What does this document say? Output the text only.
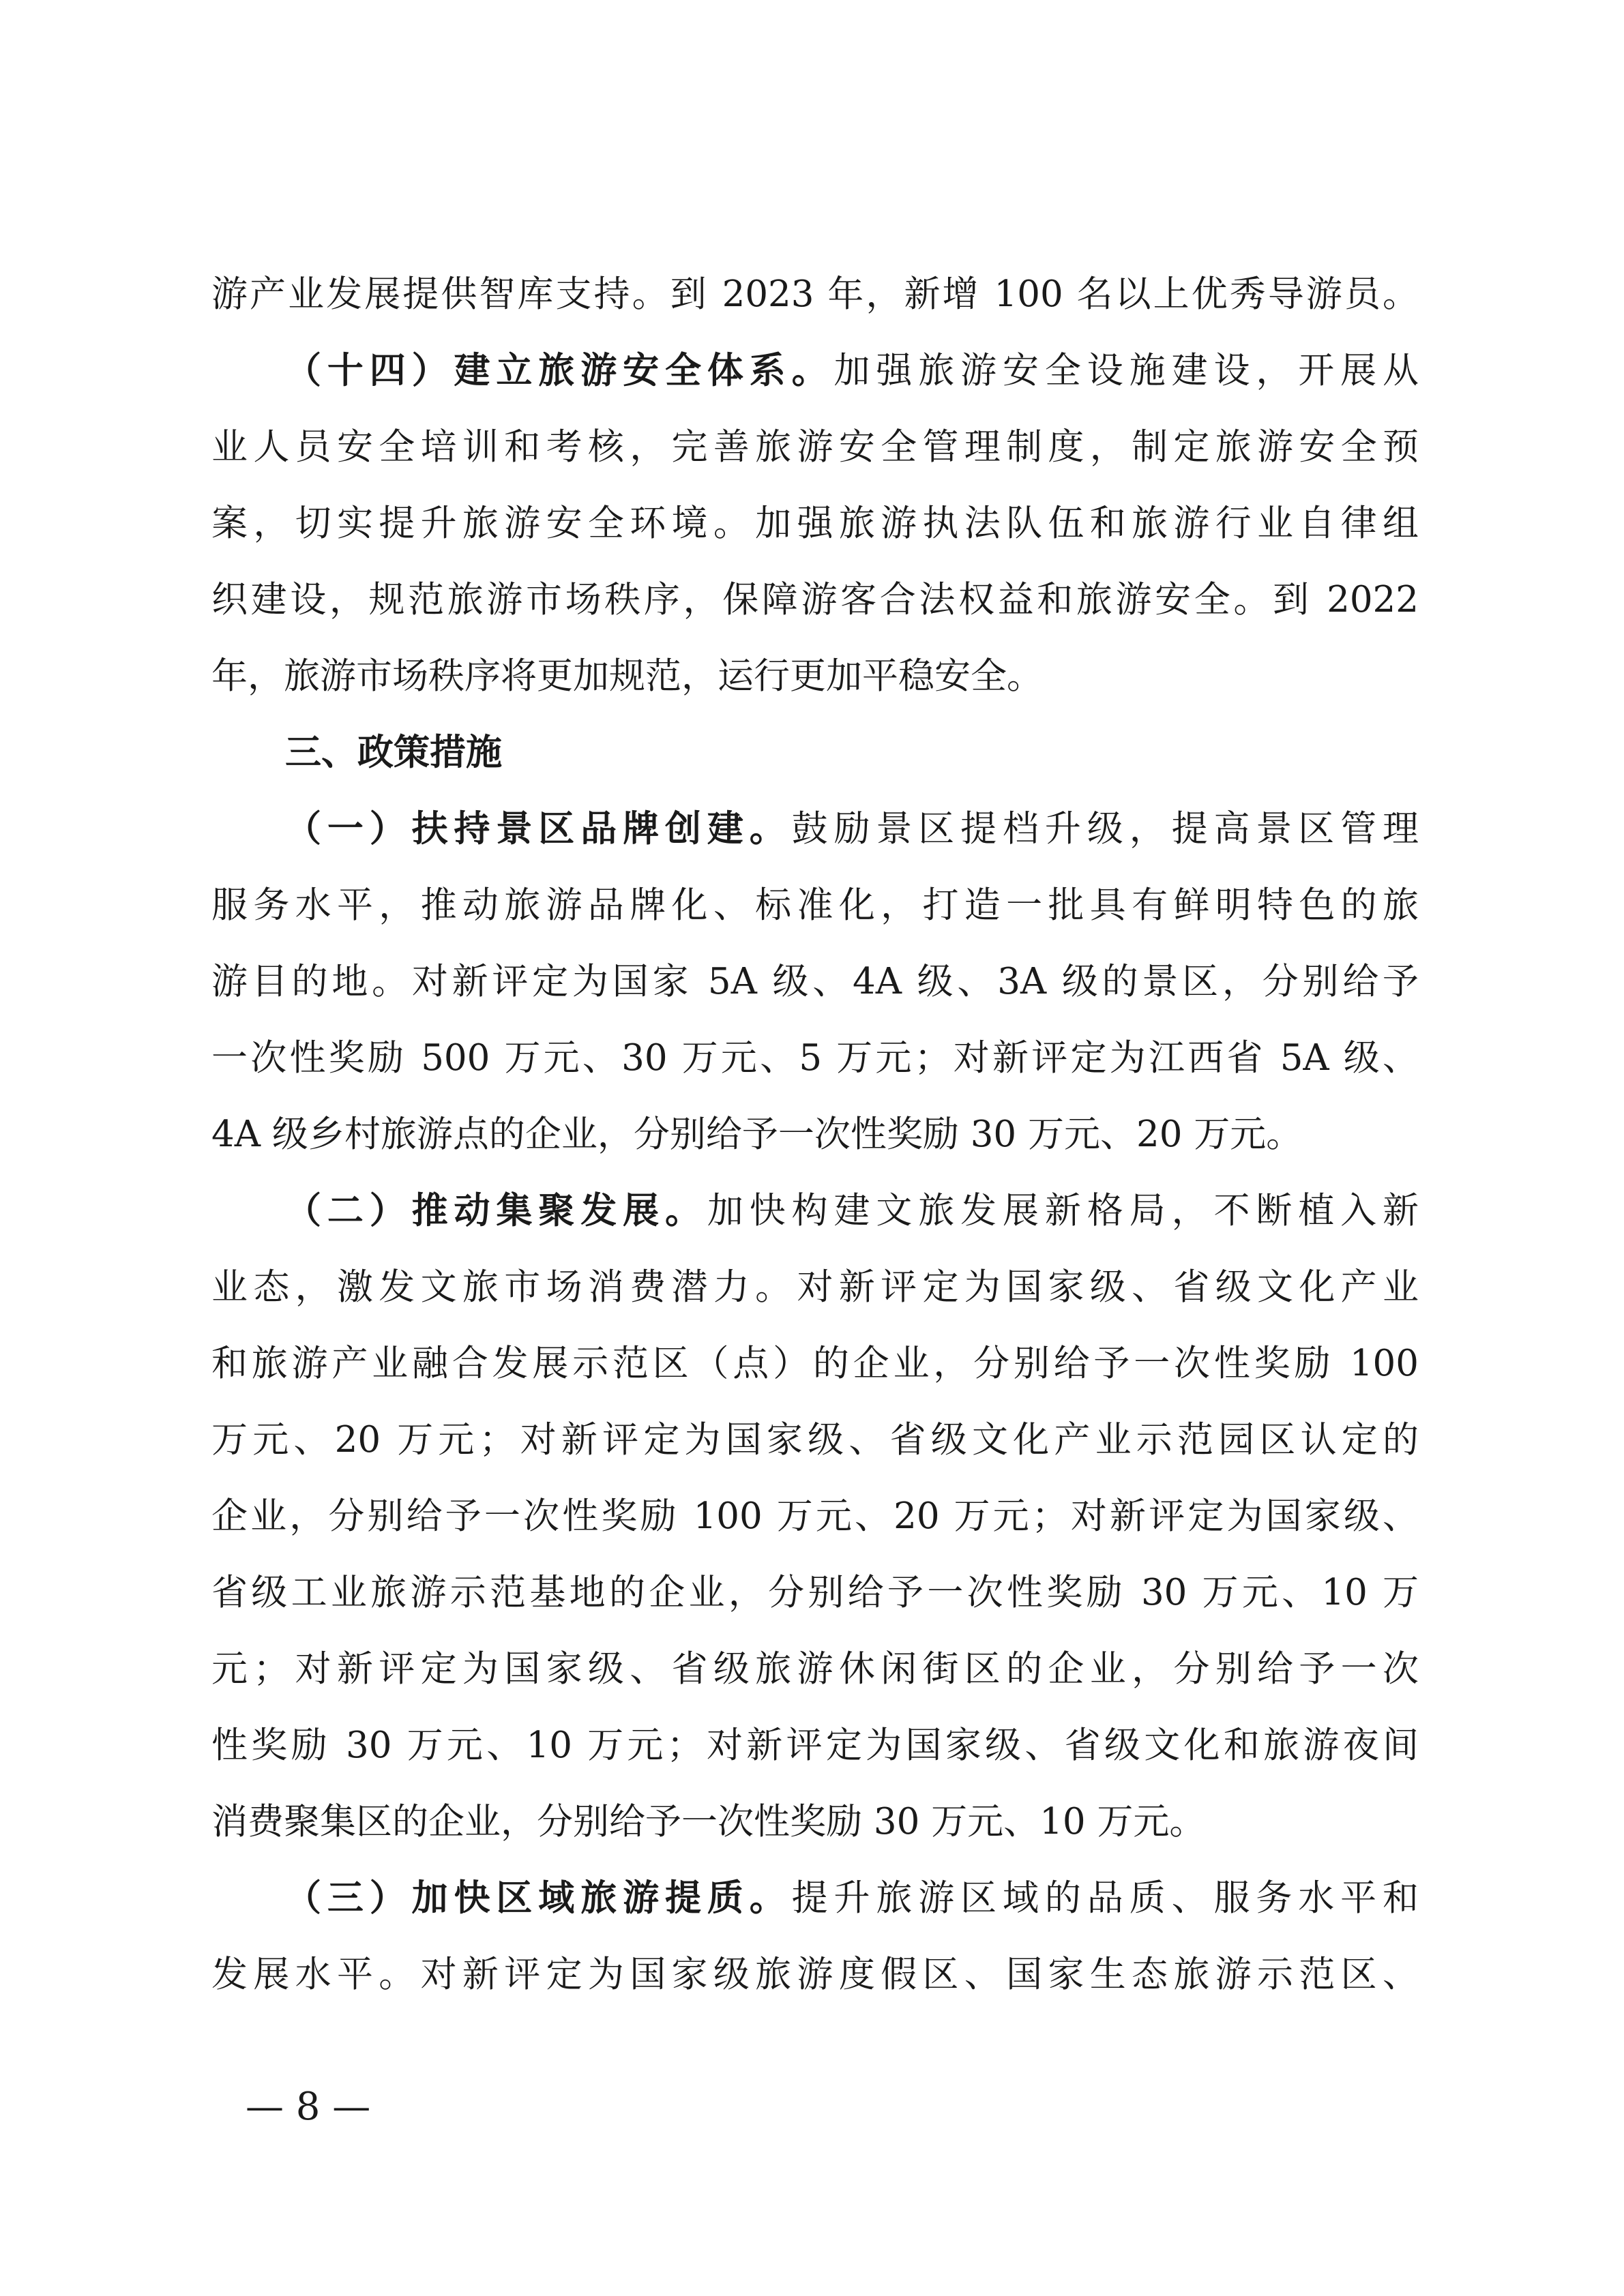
游产业发展提供智库支持。到 2023 年，新增 100 名以上优秀导游员。
（十四）建立旅游安全体系。加强旅游安全设施建设，开展从
业人员安全培训和考核，完善旅游安全管理制度，制定旅游安全预
案，切实提升旅游安全环境。加强旅游执法队伍和旅游行业自律组
织建设，规范旅游市场秩序，保障游客合法权益和旅游安全。到 2022
年，旅游市场秩序将更加规范，运行更加平稳安全。
三、政策措施
（一）扶持景区品牌创建。鼓励景区提档升级，提高景区管理
服务水平，推动旅游品牌化、标准化，打造一批具有鲜明特色的旅
游目的地。对新评定为国家 5A 级、4A 级、3A 级的景区，分别给予
一次性奖励 500 万元、30 万元、5 万元；对新评定为江西省 5A 级、
4A 级乡村旅游点的企业，分别给予一次性奖励 30 万元、20 万元。
（二）推动集聚发展。加快构建文旅发展新格局，不断植入新
业态，激发文旅市场消费潜力。对新评定为国家级、省级文化产业
和旅游产业融合发展示范区（点）的企业，分别给予一次性奖励 100
万元、20 万元；对新评定为国家级、省级文化产业示范园区认定的
企业，分别给予一次性奖励 100 万元、20 万元；对新评定为国家级、
省级工业旅游示范基地的企业，分别给予一次性奖励 30 万元、10 万
元；对新评定为国家级、省级旅游休闲街区的企业，分别给予一次
性奖励 30 万元、10 万元；对新评定为国家级、省级文化和旅游夜间
消费聚集区的企业，分别给予一次性奖励 30 万元、10 万元。
（三）加快区域旅游提质。提升旅游区域的品质、服务水平和
发展水平。对新评定为国家级旅游度假区、国家生态旅游示范区、
— 8 —
